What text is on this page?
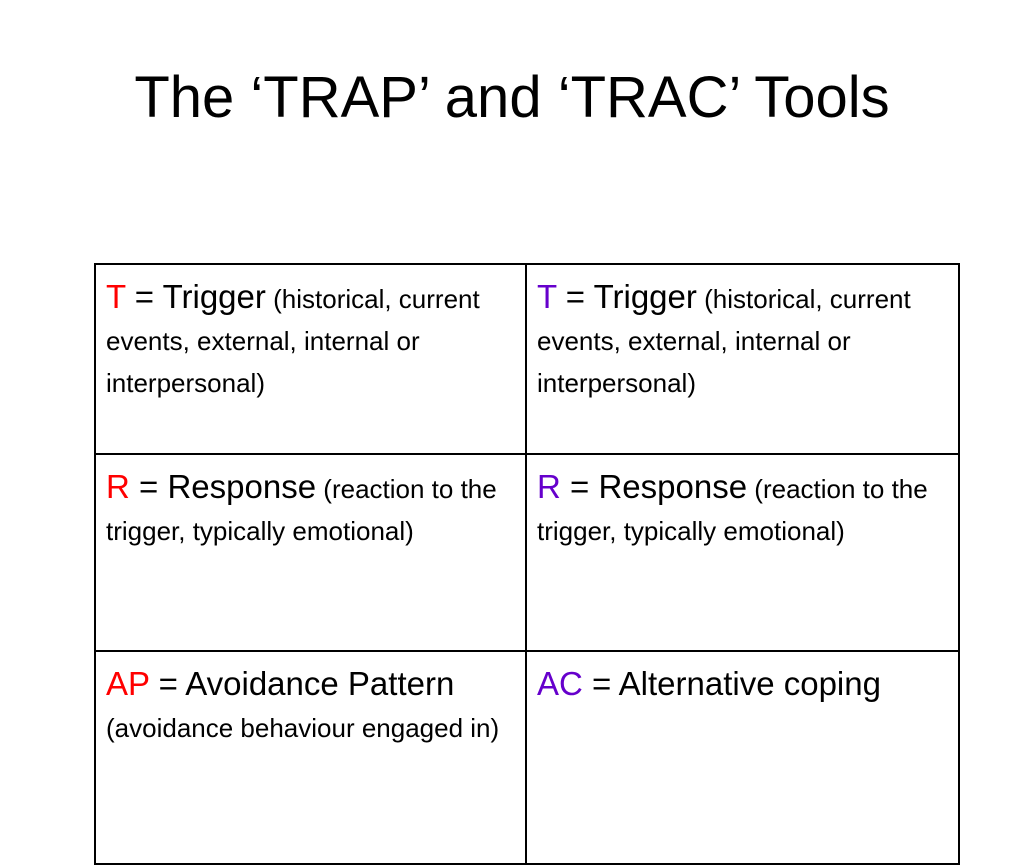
The ‘TRAP’ and ‘TRAC’ Tools
T = Trigger (historical, current events, external, internal or interpersonal)	T = Trigger (historical, current events, external, internal or interpersonal)
R = Response (reaction to the trigger, typically emotional)	R = Response (reaction to the trigger, typically emotional)
AP = Avoidance Pattern (avoidance behaviour engaged in)	AC = Alternative coping
